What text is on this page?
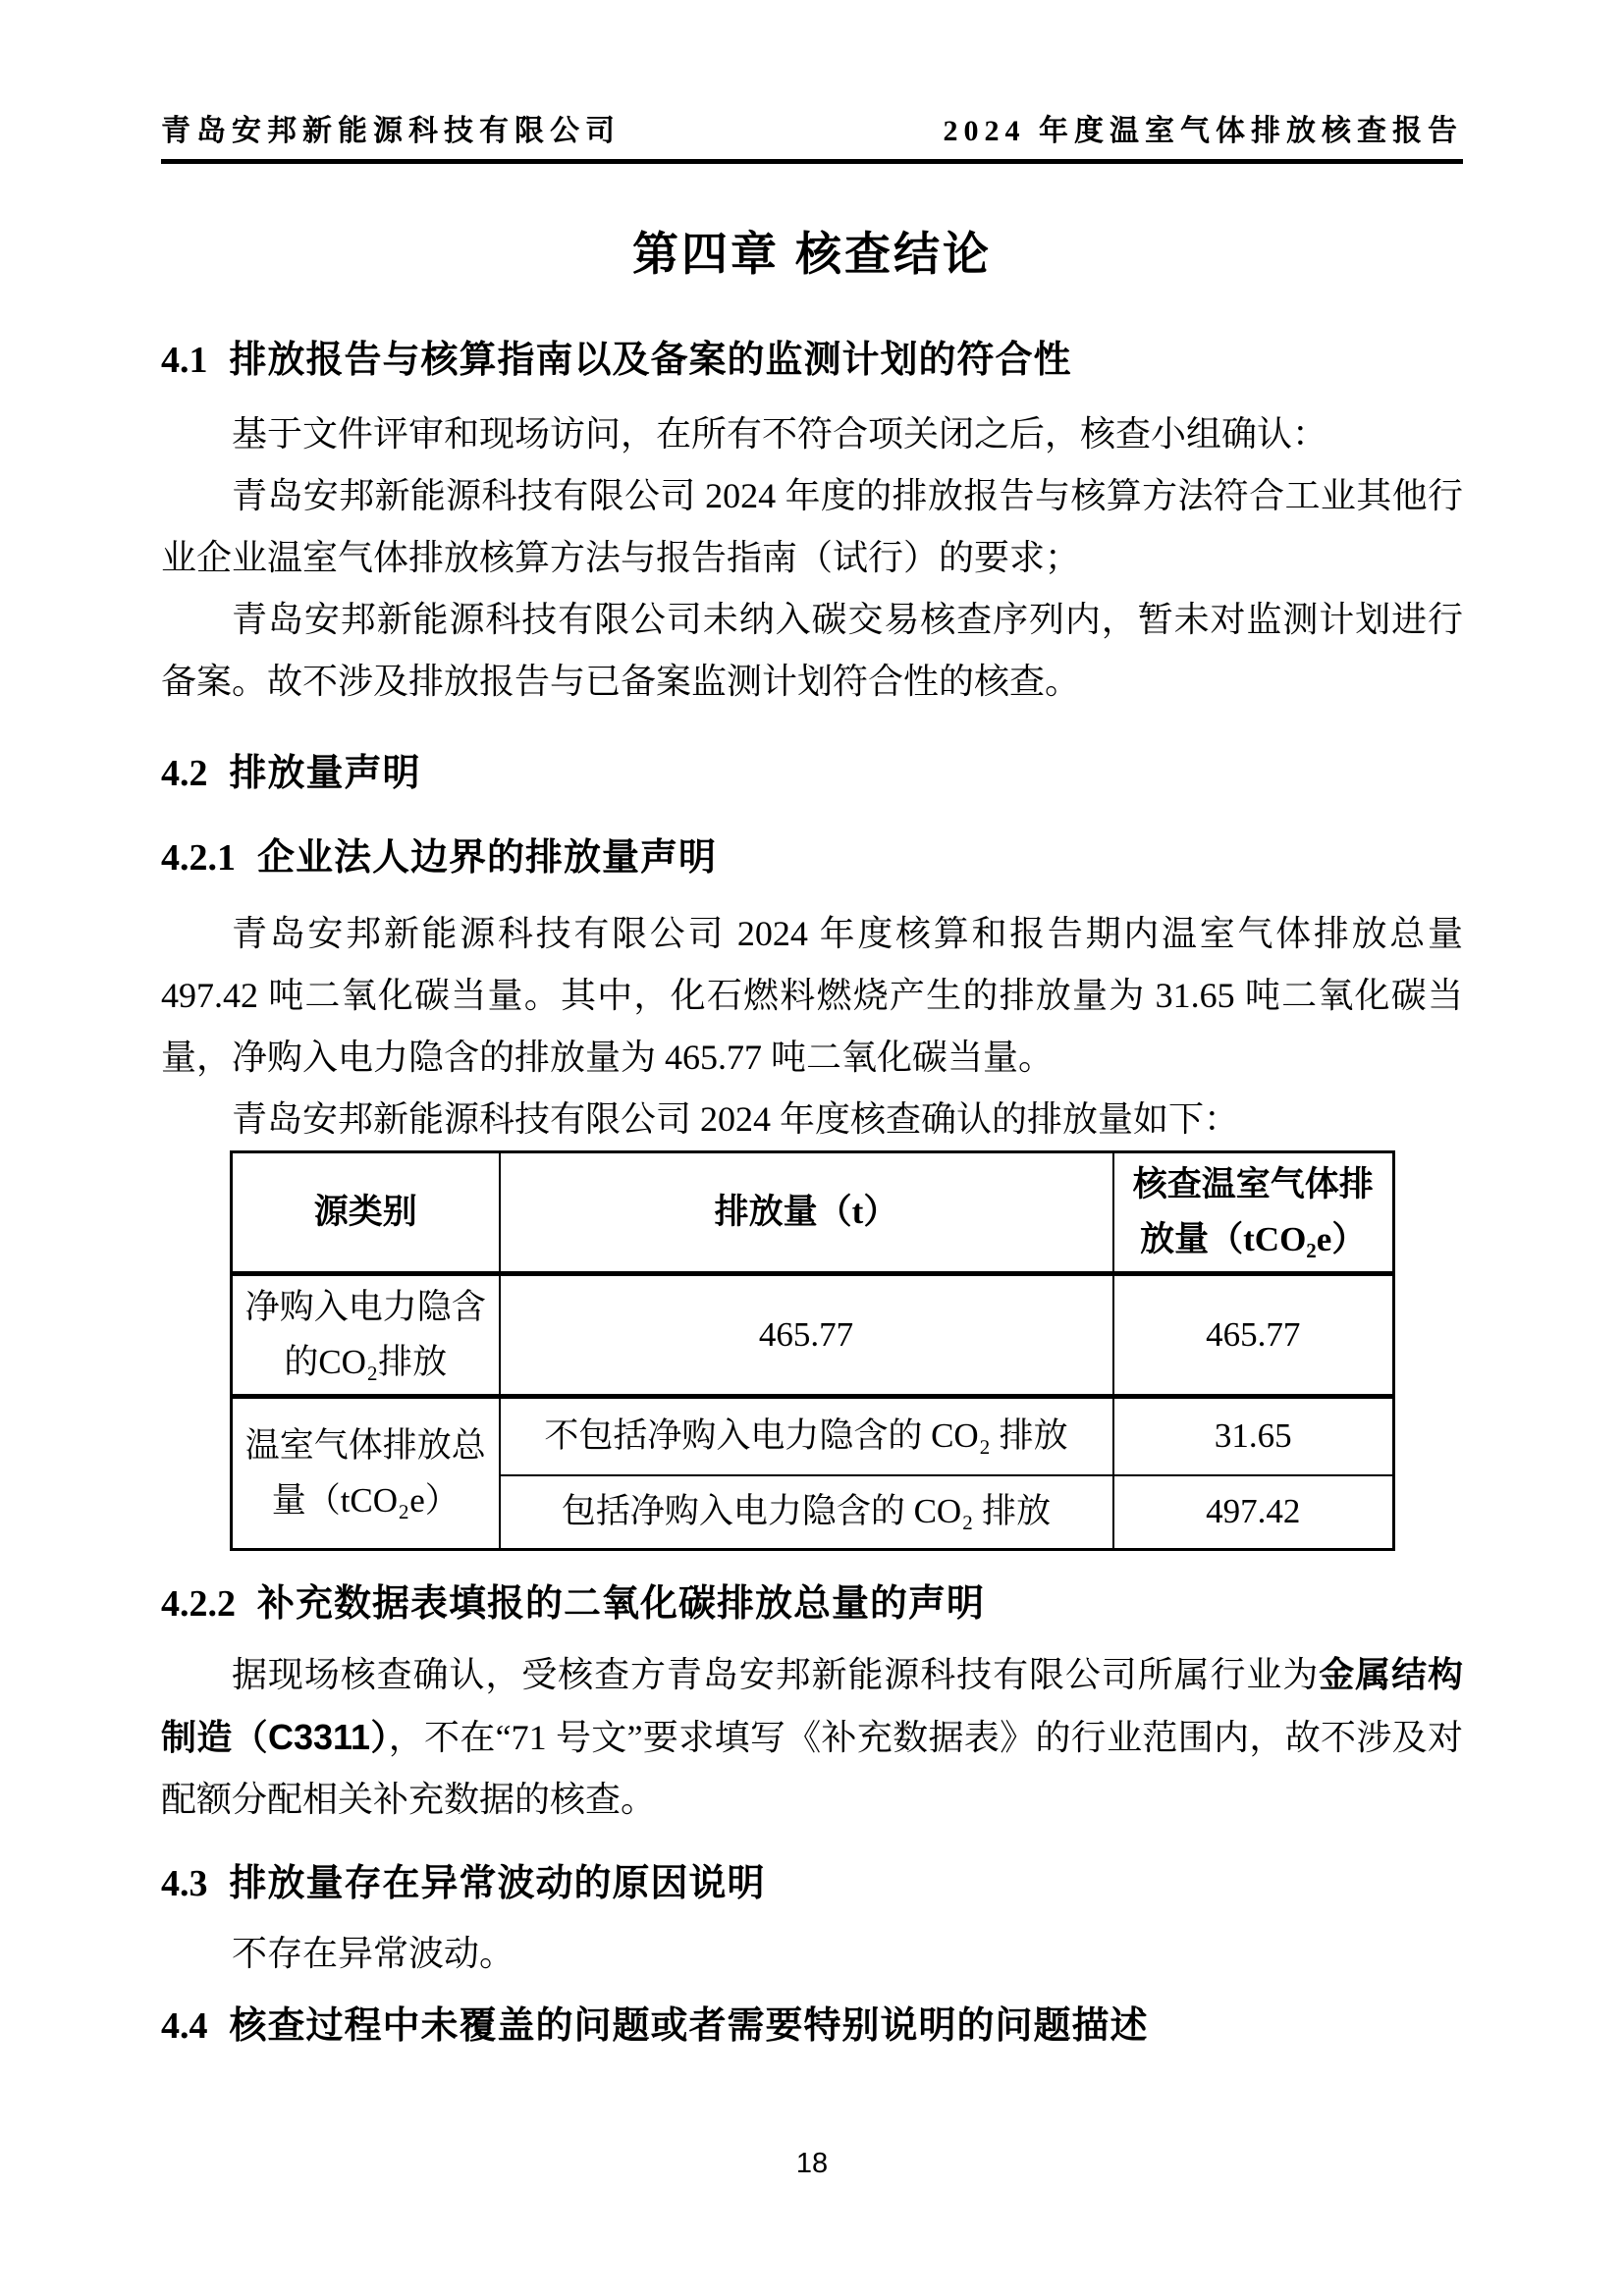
青岛安邦新能源科技有限公司	2024 年度温室气体排放核查报告
第四章 核查结论
4.1 排放报告与核算指南以及备案的监测计划的符合性

基于文件评审和现场访问，在所有不符合项关闭之后，核查小组确认：

青岛安邦新能源科技有限公司 2024 年度的排放报告与核算方法符合工业其他行业企业温室气体排放核算方法与报告指南（试行）的要求；

青岛安邦新能源科技有限公司未纳入碳交易核查序列内，暂未对监测计划进行备案。故不涉及排放报告与已备案监测计划符合性的核查。

4.2 排放量声明
4.2.1 企业法人边界的排放量声明

青岛安邦新能源科技有限公司 2024 年度核算和报告期内温室气体排放总量 497.42 吨二氧化碳当量。其中，化石燃料燃烧产生的排放量为 31.65 吨二氧化碳当量，净购入电力隐含的排放量为 465.77 吨二氧化碳当量。

青岛安邦新能源科技有限公司 2024 年度核查确认的排放量如下：

源类别	排放量（t）	核查温室气体排放量（tCO₂e）
净购入电力隐含的CO₂排放	465.77	465.77
温室气体排放总量（tCO₂e）	不包括净购入电力隐含的 CO₂ 排放	31.65
	包括净购入电力隐含的 CO₂ 排放	497.42
4.2.2 补充数据表填报的二氧化碳排放总量的声明

据现场核查确认，受核查方青岛安邦新能源科技有限公司所属行业为金属结构制造（C3311），不在“71 号文”要求填写《补充数据表》的行业范围内，故不涉及对配额分配相关补充数据的核查。

4.3 排放量存在异常波动的原因说明

不存在异常波动。

4.4 核查过程中未覆盖的问题或者需要特别说明的问题描述
18
